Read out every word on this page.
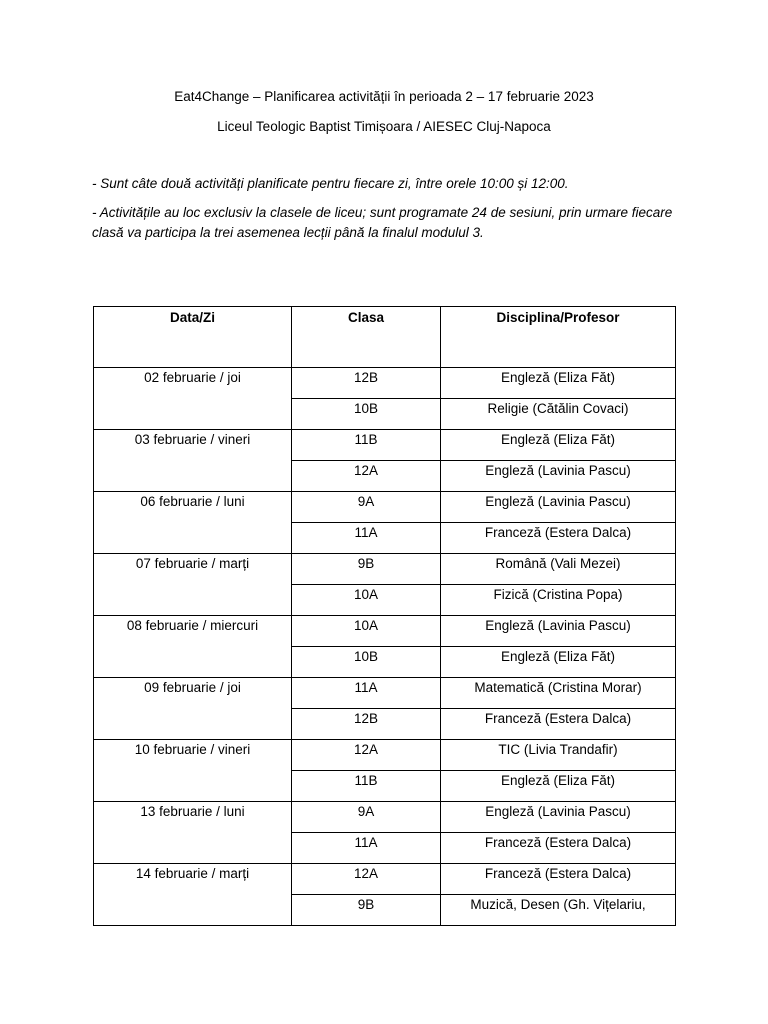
Eat4Change – Planificarea activității în perioada 2 – 17 februarie 2023
Liceul Teologic Baptist Timișoara / AIESEC Cluj-Napoca
- Sunt câte două activități planificate pentru fiecare zi, între orele 10:00 și 12:00.
- Activitățile au loc exclusiv la clasele de liceu; sunt programate 24 de sesiuni, prin urmare fiecare clasă va participa la trei asemenea lecții până la finalul modulul 3.
Data/Zi	Clasa	Disciplina/Profesor
02 februarie / joi	12B	Engleză (Eliza Făt)
	10B	Religie (Cătălin Covaci)
03 februarie / vineri	11B	Engleză (Eliza Făt)
	12A	Engleză (Lavinia Pascu)
06 februarie / luni	9A	Engleză (Lavinia Pascu)
	11A	Franceză (Estera Dalca)
07 februarie / marți	9B	Română (Vali Mezei)
	10A	Fizică (Cristina Popa)
08 februarie / miercuri	10A	Engleză (Lavinia Pascu)
	10B	Engleză (Eliza Făt)
09 februarie / joi	11A	Matematică (Cristina Morar)
	12B	Franceză (Estera Dalca)
10 februarie / vineri	12A	TIC (Livia Trandafir)
	11B	Engleză (Eliza Făt)
13 februarie / luni	9A	Engleză (Lavinia Pascu)
	11A	Franceză (Estera Dalca)
14 februarie / marți	12A	Franceză (Estera Dalca)
	9B	Muzică, Desen (Gh. Vițelariu,
